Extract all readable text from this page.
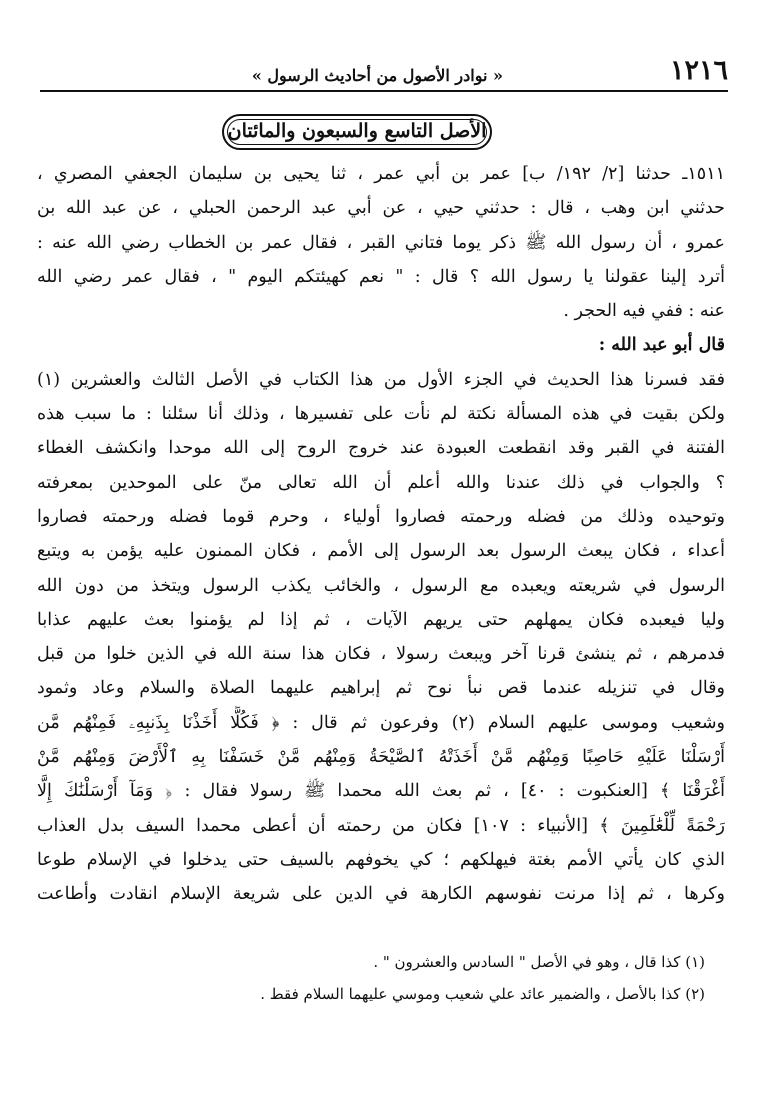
١٢١٦
« نوادر الأصول من أحاديث الرسول »
الأصل التاسع والسبعون والمائتان
١٥١١ـ حدثنا [٢/ ١٩٢/ ب] عمر بن أبي عمر ، ثنا يحيى بن سليمان الجعفي المصري ،
حدثني ابن وهب ، قال : حدثني حيي ، عن أبي عبد الرحمن الحبلي ، عن عبد الله بن
عمرو ، أن رسول الله ﷺ ذكر يوما فتاني القبر ، فقال عمر بن الخطاب رضي الله عنه :
أترد إلينا عقولنا يا رسول الله ؟ قال : " نعم كهيئتكم اليوم " ، فقال عمر رضي الله
عنه : ففي فيه الحجر .
قال أبو عبد الله :
فقد فسرنا هذا الحديث في الجزء الأول من هذا الكتاب في الأصل الثالث والعشرين (١)
ولكن بقيت في هذه المسألة نكتة لم نأت على تفسيرها ، وذلك أنا سئلنا : ما سبب هذه
الفتنة في القبر وقد انقطعت العبودة عند خروج الروح إلى الله موحدا وانكشف الغطاء
؟ والجواب في ذلك عندنا والله أعلم أن الله تعالى منّ على الموحدين بمعرفته
وتوحيده وذلك من فضله ورحمته فصاروا أولياء ، وحرم قوما فضله ورحمته فصاروا
أعداء ، فكان يبعث الرسول بعد الرسول إلى الأمم ، فكان الممنون عليه يؤمن به ويتبع
الرسول في شريعته ويعبده مع الرسول ، والخائب يكذب الرسول ويتخذ من دون الله
وليا فيعبده فكان يمهلهم حتى يريهم الآيات ، ثم إذا لم يؤمنوا بعث عليهم عذابا
فدمرهم ، ثم ينشئ قرنا آخر ويبعث رسولا ، فكان هذا سنة الله في الذين خلوا من قبل
وقال في تنزيله عندما قص نبأ نوح ثم إبراهيم عليهما الصلاة والسلام وعاد وثمود
وشعيب وموسى عليهم السلام (٢) وفرعون ثم قال : ﴿ فَكُلًّا أَخَذْنَا بِذَنبِهِۦ فَمِنْهُم مَّن
أَرْسَلْنَا عَلَيْهِ حَاصِبًا وَمِنْهُم مَّنْ أَخَذَتْهُ ٱلصَّيْحَةُ وَمِنْهُم مَّنْ خَسَفْنَا بِهِ ٱلْأَرْضَ وَمِنْهُم مَّنْ
أَغْرَقْنَا ﴾ [العنكبوت : ٤٠] ، ثم بعث الله محمدا ﷺ رسولا فقال : ﴿ وَمَآ أَرْسَلْنَٰكَ إِلَّا
رَحْمَةً لِّلْعَٰلَمِينَ ﴾ [الأنبياء : ١٠٧] فكان من رحمته أن أعطى محمدا السيف بدل العذاب
الذي كان يأتي الأمم بغتة فيهلكهم ؛ كي يخوفهم بالسيف حتى يدخلوا في الإسلام طوعا
وكرها ، ثم إذا مرنت نفوسهم الكارهة في الدين على شريعة الإسلام انقادت وأطاعت
(١) كذا قال ، وهو في الأصل " السادس والعشرون " .
(٢) كذا بالأصل ، والضمير عائد علي شعيب وموسي عليهما السلام فقط .
